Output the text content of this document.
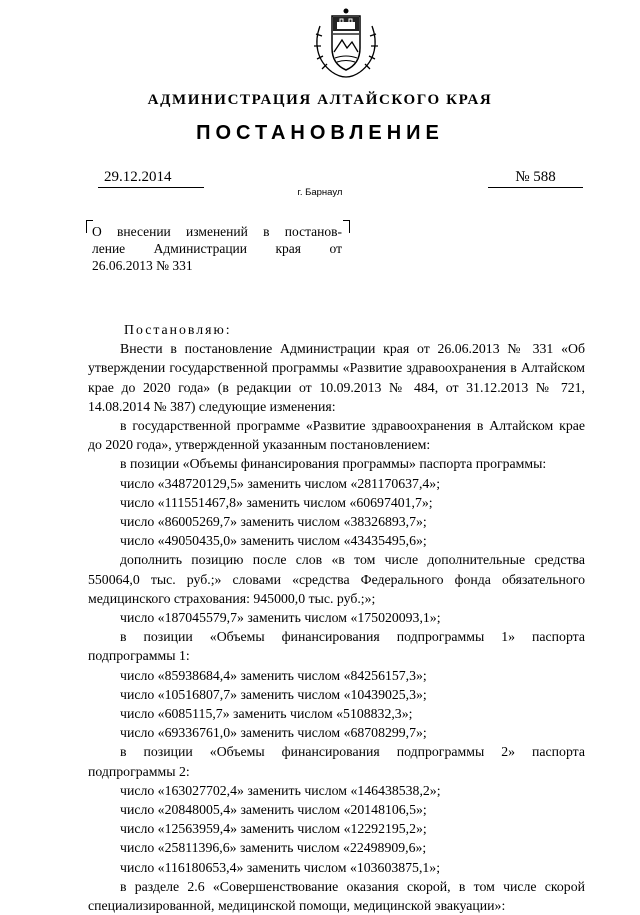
АДМИНИСТРАЦИЯ АЛТАЙСКОГО КРАЯ
ПОСТАНОВЛЕНИЕ
29.12.2014	№ 588
г. Барнаул
О внесении изменений в постанов-
ление Администрации края от
26.06.2013 № 331

Постановляю:

Внести в постановление Администрации края от 26.06.2013 № 331 «Об утверждении государственной программы «Развитие здравоохранения в Алтайском крае до 2020 года» (в редакции от 10.09.2013 № 484, от 31.12.2013 № 721, 14.08.2014 № 387) следующие изменения:

в государственной программе «Развитие здравоохранения в Алтайском крае до 2020 года», утвержденной указанным постановлением:

в позиции «Объемы финансирования программы» паспорта программы:

число «348720129,5» заменить числом «281170637,4»;

число «111551467,8» заменить числом «60697401,7»;

число «86005269,7» заменить числом «38326893,7»;

число «49050435,0» заменить числом «43435495,6»;

дополнить позицию после слов «в том числе дополнительные средства 550064,0 тыс. руб.;» словами «средства Федерального фонда обязательного медицинского страхования: 945000,0 тыс. руб.;»;

число «187045579,7» заменить числом «175020093,1»;

в позиции «Объемы финансирования подпрограммы 1» паспорта подпрограммы 1:

число «85938684,4» заменить числом «84256157,3»;

число «10516807,7» заменить числом «10439025,3»;

число «6085115,7» заменить числом «5108832,3»;

число «69336761,0» заменить числом «68708299,7»;

в позиции «Объемы финансирования подпрограммы 2» паспорта подпрограммы 2:

число «163027702,4» заменить числом «146438538,2»;

число «20848005,4» заменить числом «20148106,5»;

число «12563959,4» заменить числом «12292195,2»;

число «25811396,6» заменить числом «22498909,6»;

число «116180653,4» заменить числом «103603875,1»;

в разделе 2.6 «Совершенствование оказания скорой, в том числе скорой специализированной, медицинской помощи, медицинской эвакуации»:
